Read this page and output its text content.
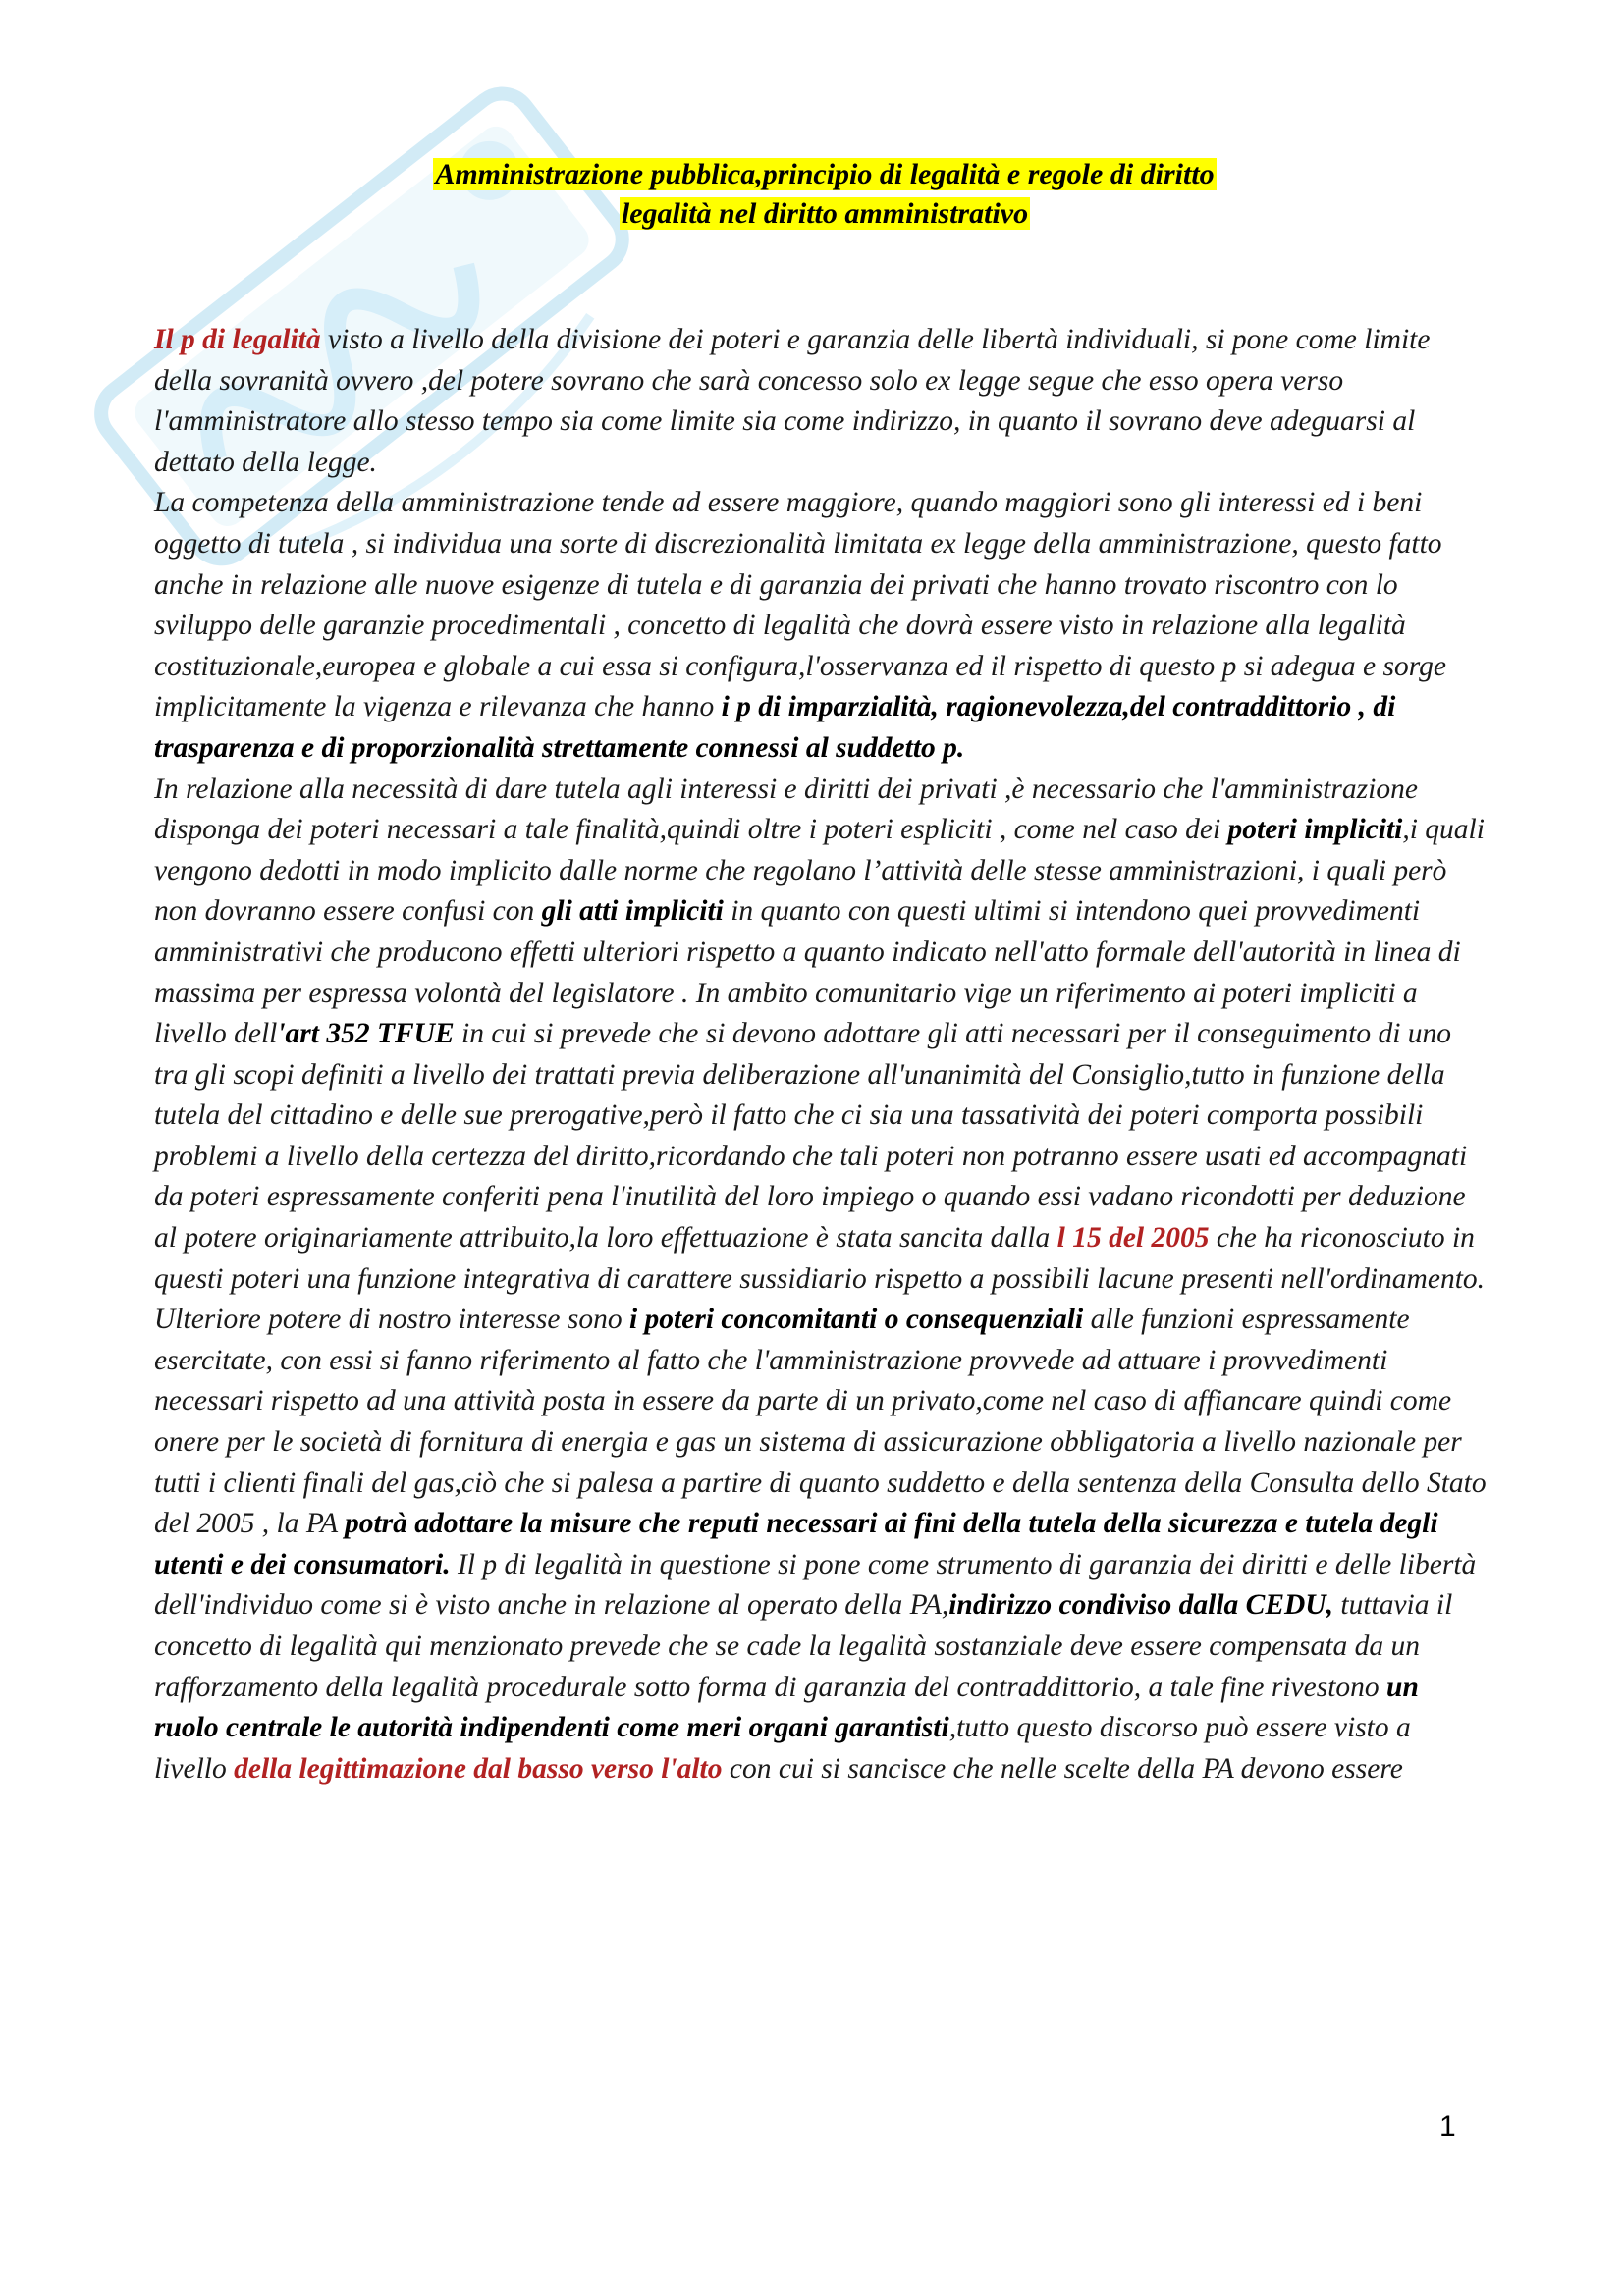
Amministrazione pubblica,principio di legalità e regole di diritto
legalità nel diritto amministrativo

Il p di legalità visto a livello della divisione dei poteri e garanzia delle libertà individuali, si pone come limite della sovranità ovvero ,del potere sovrano che sarà concesso solo ex legge segue che esso opera verso l'amministratore allo stesso tempo sia come limite sia come indirizzo, in quanto il sovrano deve adeguarsi al dettato della legge.

La competenza della amministrazione tende ad essere maggiore, quando maggiori sono gli interessi ed i beni oggetto di tutela , si individua una sorte di discrezionalità limitata ex legge della amministrazione, questo fatto anche in relazione alle nuove esigenze di tutela e di garanzia dei privati che hanno trovato riscontro con lo sviluppo delle garanzie procedimentali , concetto di legalità che dovrà essere visto in relazione alla legalità costituzionale,europea e globale a cui essa si configura,l'osservanza ed il rispetto di questo p si adegua e sorge implicitamente la vigenza e rilevanza che hanno i p di imparzialità, ragionevolezza,del contraddittorio , di trasparenza e di proporzionalità strettamente connessi al suddetto p.

In relazione alla necessità di dare tutela agli interessi e diritti dei privati ,è necessario che l'amministrazione disponga dei poteri necessari a tale finalità,quindi oltre i poteri espliciti , come nel caso dei poteri impliciti,i quali vengono dedotti in modo implicito dalle norme che regolano l’attività delle stesse amministrazioni, i quali però non dovranno essere confusi con gli atti impliciti in quanto con questi ultimi si intendono quei provvedimenti amministrativi che producono effetti ulteriori rispetto a quanto indicato nell'atto formale dell'autorità in linea di massima per espressa volontà del legislatore . In ambito comunitario vige un riferimento ai poteri impliciti a livello dell'art 352 TFUE in cui si prevede che si devono adottare gli atti necessari per il conseguimento di uno tra gli scopi definiti a livello dei trattati previa deliberazione all'unanimità del Consiglio,tutto in funzione della tutela del cittadino e delle sue prerogative,però il fatto che ci sia una tassatività dei poteri comporta possibili problemi a livello della certezza del diritto,ricordando che tali poteri non potranno essere usati ed accompagnati da poteri espressamente conferiti pena l'inutilità del loro impiego o quando essi vadano ricondotti per deduzione al potere originariamente attribuito,la loro effettuazione è stata sancita dalla l 15 del 2005 che ha riconosciuto in questi poteri una funzione integrativa di carattere sussidiario rispetto a possibili lacune presenti nell'ordinamento.

Ulteriore potere di nostro interesse sono i poteri concomitanti o consequenziali alle funzioni espressamente esercitate, con essi si fanno riferimento al fatto che l'amministrazione provvede ad attuare i provvedimenti necessari rispetto ad una attività posta in essere da parte di un privato,come nel caso di affiancare quindi come onere per le società di fornitura di energia e gas un sistema di assicurazione obbligatoria a livello nazionale per tutti i clienti finali del gas,ciò che si palesa a partire di quanto suddetto e della sentenza della Consulta dello Stato del 2005 , la PA potrà adottare la misure che reputi necessari ai fini della tutela della sicurezza e tutela degli utenti e dei consumatori. Il p di legalità in questione si pone come strumento di garanzia dei diritti e delle libertà dell'individuo come si è visto anche in relazione al operato della PA,indirizzo condiviso dalla CEDU, tuttavia il concetto di legalità qui menzionato prevede che se cade la legalità sostanziale deve essere compensata da un rafforzamento della legalità procedurale sotto forma di garanzia del contraddittorio, a tale fine rivestono un ruolo centrale le autorità indipendenti come meri organi garantisti,tutto questo discorso può essere visto a livello della legittimazione dal basso verso l'alto con cui si sancisce che nelle scelte della PA devono essere

1
